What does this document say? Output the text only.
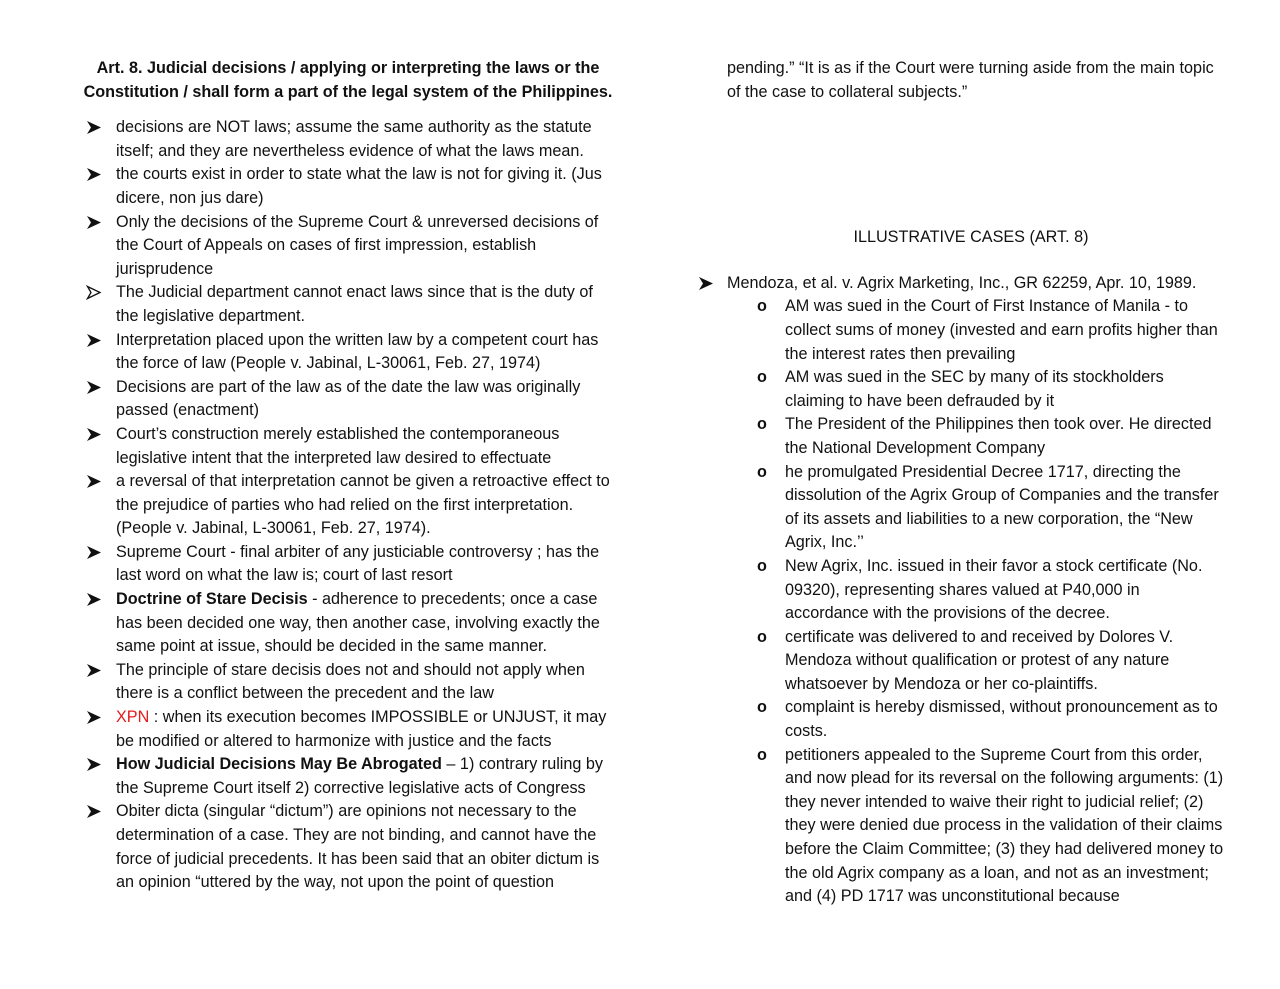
Art. 8. Judicial decisions / applying or interpreting the laws or the Constitution / shall form a part of the legal system of the Philippines.

decisions are NOT laws; assume the same authority as the statute itself; and they are nevertheless evidence of what the laws mean.
the courts exist in order to state what the law is not for giving it. (Jus dicere, non jus dare)
Only the decisions of the Supreme Court & unreversed decisions of the Court of Appeals on cases of first impression, establish jurisprudence
The Judicial department cannot enact laws since that is the duty of the legislative department.
Interpretation placed upon the written law by a competent court has the force of law (People v. Jabinal, L-30061, Feb. 27, 1974)
Decisions are part of the law as of the date the law was originally passed (enactment)
Court’s construction merely established the contemporaneous legislative intent that the interpreted law desired to effectuate
a reversal of that interpretation cannot be given a retroactive effect to the prejudice of parties who had relied on the first interpretation. (People v. Jabinal, L-30061, Feb. 27, 1974).
Supreme Court - final arbiter of any justiciable controversy ; has the last word on what the law is; court of last resort
Doctrine of Stare Decisis - adherence to precedents; once a case has been decided one way, then another case, involving exactly the same point at issue, should be decided in the same manner.
The principle of stare decisis does not and should not apply when there is a conflict between the precedent and the law
XPN : when its execution becomes IMPOSSIBLE or UNJUST, it may be modified or altered to harmonize with justice and the facts
How Judicial Decisions May Be Abrogated – 1) contrary ruling by the Supreme Court itself 2) corrective legislative acts of Congress
Obiter dicta (singular “dictum”) are opinions not necessary to the determination of a case. They are not binding, and cannot have the force of judicial precedents. It has been said that an obiter dictum is an opinion “uttered by the way, not upon the point of question

pending.” “It is as if the Court were turning aside from the main topic of the case to collateral subjects.”

ILLUSTRATIVE CASES (ART. 8)
Mendoza, et al. v. Agrix Marketing, Inc., GR 62259, Apr. 10, 1989.
o AM was sued in the Court of First Instance of Manila - to collect sums of money (invested and earn profits higher than the interest rates then prevailing
o AM was sued in the SEC by many of its stockholders claiming to have been defrauded by it
o The President of the Philippines then took over. He directed the National Development Company
o he promulgated Presidential Decree 1717, directing the dissolution of the Agrix Group of Companies and the transfer of its assets and liabilities to a new corporation, the “New Agrix, Inc.’’
o New Agrix, Inc. issued in their favor a stock certificate (No. 09320), representing shares valued at P40,000 in accordance with the provisions of the decree.
o certificate was delivered to and received by Dolores V. Mendoza without qualification or protest of any nature whatsoever by Mendoza or her co-plaintiffs.
o complaint is hereby dismissed, without pronouncement as to costs.
o petitioners appealed to the Supreme Court from this order, and now plead for its reversal on the following arguments: (1) they never intended to waive their right to judicial relief; (2) they were denied due process in the validation of their claims before the Claim Committee; (3) they had delivered money to the old Agrix company as a loan, and not as an investment; and (4) PD 1717 was unconstitutional because
